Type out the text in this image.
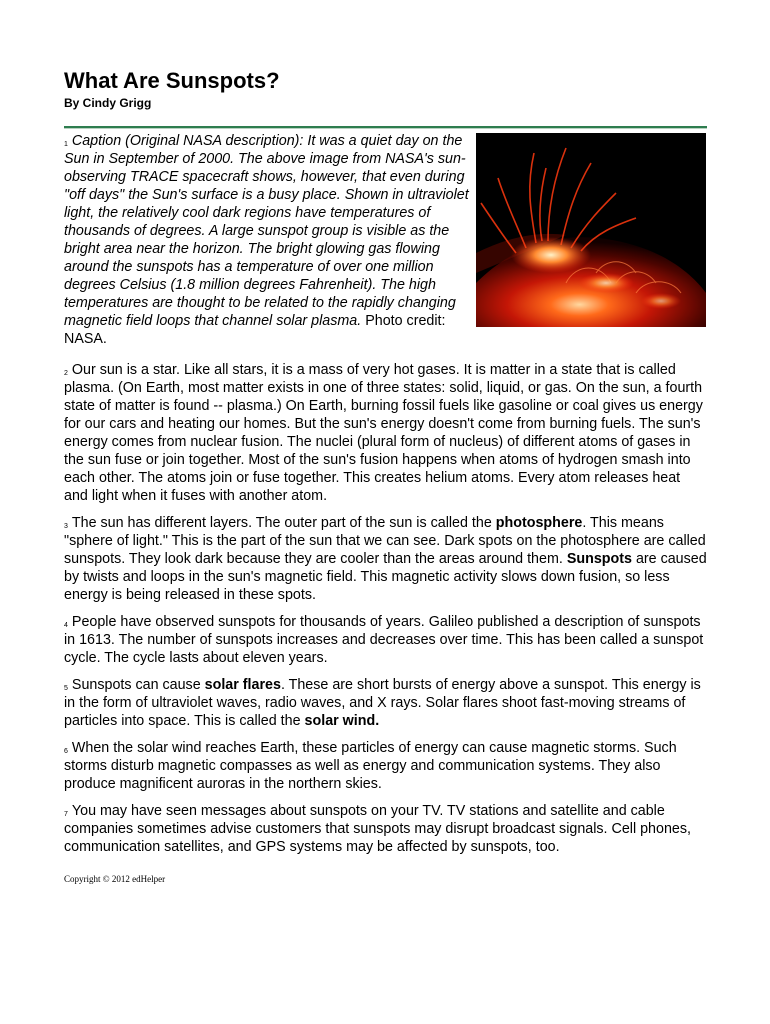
What Are Sunspots?
By Cindy Grigg

$^1$ Caption (Original NASA description): It was a quiet day on the Sun in September of 2000. The above image from NASA's sun-observing TRACE spacecraft shows, however, that even during "off days" the Sun's surface is a busy place. Shown in ultraviolet light, the relatively cool dark regions have temperatures of thousands of degrees. A large sunspot group is visible as the bright area near the horizon. The bright glowing gas flowing around the sunspots has a temperature of over one million degrees Celsius (1.8 million degrees Fahrenheit). The high temperatures are thought to be related to the rapidly changing magnetic field loops that channel solar plasma. Photo credit: NASA.

$^2$ Our sun is a star. Like all stars, it is a mass of very hot gases. It is matter in a state that is called plasma. (On Earth, most matter exists in one of three states: solid, liquid, or gas. On the sun, a fourth state of matter is found -- plasma.) On Earth, burning fossil fuels like gasoline or coal gives us energy for our cars and heating our homes. But the sun's energy doesn't come from burning fuels. The sun's energy comes from nuclear fusion. The nuclei (plural form of nucleus) of different atoms of gases in the sun fuse or join together. Most of the sun's fusion happens when atoms of hydrogen smash into each other. The atoms join or fuse together. This creates helium atoms. Every atom releases heat and light when it fuses with another atom.

$^3$ The sun has different layers. The outer part of the sun is called the photosphere. This means "sphere of light." This is the part of the sun that we can see. Dark spots on the photosphere are called sunspots. They look dark because they are cooler than the areas around them. Sunspots are caused by twists and loops in the sun's magnetic field. This magnetic activity slows down fusion, so less energy is being released in these spots.

$^4$ People have observed sunspots for thousands of years. Galileo published a description of sunspots in 1613. The number of sunspots increases and decreases over time. This has been called a sunspot cycle. The cycle lasts about eleven years.

$^5$ Sunspots can cause solar flares. These are short bursts of energy above a sunspot. This energy is in the form of ultraviolet waves, radio waves, and X rays. Solar flares shoot fast-moving streams of particles into space. This is called the solar wind.

$^6$ When the solar wind reaches Earth, these particles of energy can cause magnetic storms. Such storms disturb magnetic compasses as well as energy and communication systems. They also produce magnificent auroras in the northern skies.

$^7$ You may have seen messages about sunspots on your TV. TV stations and satellite and cable companies sometimes advise customers that sunspots may disrupt broadcast signals. Cell phones, communication satellites, and GPS systems may be affected by sunspots, too.

Copyright © 2012 edHelper
